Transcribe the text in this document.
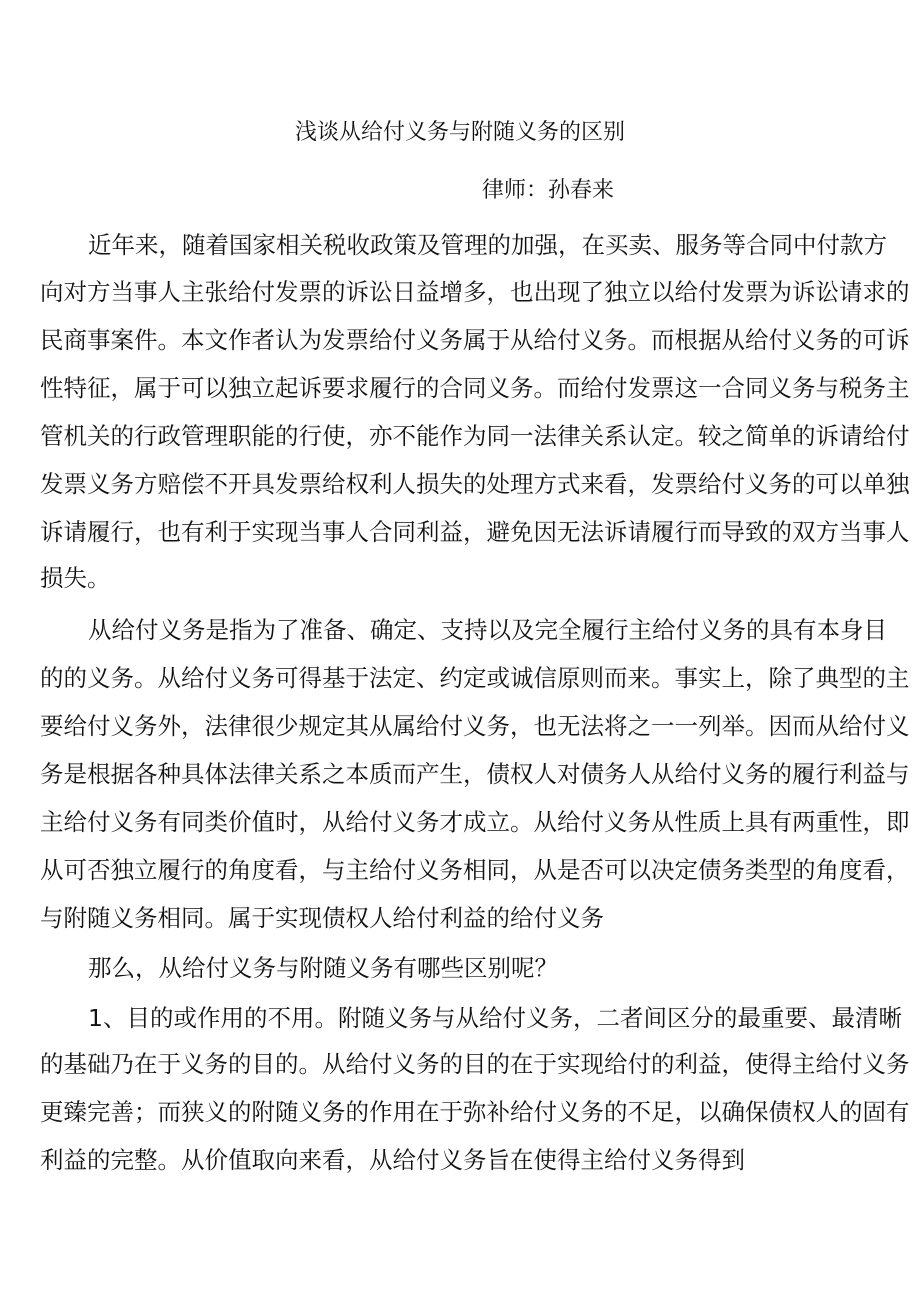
浅谈从给付义务与附随义务的区别
律师：孙春来
近年来，随着国家相关税收政策及管理的加强，在买卖、服务等合同中付款方
向对方当事人主张给付发票的诉讼日益增多，也出现了独立以给付发票为诉讼请求的
民商事案件。本文作者认为发票给付义务属于从给付义务。而根据从给付义务的可诉
性特征，属于可以独立起诉要求履行的合同义务。而给付发票这一合同义务与税务主
管机关的行政管理职能的行使，亦不能作为同一法律关系认定。较之简单的诉请给付
发票义务方赔偿不开具发票给权利人损失的处理方式来看，发票给付义务的可以单独
诉请履行，也有利于实现当事人合同利益，避免因无法诉请履行而导致的双方当事人
损失。
从给付义务是指为了准备、确定、支持以及完全履行主给付义务的具有本身目
的的义务。从给付义务可得基于法定、约定或诚信原则而来。事实上，除了典型的主
要给付义务外，法律很少规定其从属给付义务，也无法将之一一列举。因而从给付义
务是根据各种具体法律关系之本质而产生，债权人对债务人从给付义务的履行利益与
主给付义务有同类价值时，从给付义务才成立。从给付义务从性质上具有两重性，即
从可否独立履行的角度看，与主给付义务相同，从是否可以决定债务类型的角度看，
与附随义务相同。属于实现债权人给付利益的给付义务
那么，从给付义务与附随义务有哪些区别呢？
1、目的或作用的不用。附随义务与从给付义务，二者间区分的最重要、最清晰
的基础乃在于义务的目的。从给付义务的目的在于实现给付的利益，使得主给付义务
更臻完善；而狭义的附随义务的作用在于弥补给付义务的不足，以确保债权人的固有
利益的完整。从价值取向来看，从给付义务旨在使得主给付义务得到
